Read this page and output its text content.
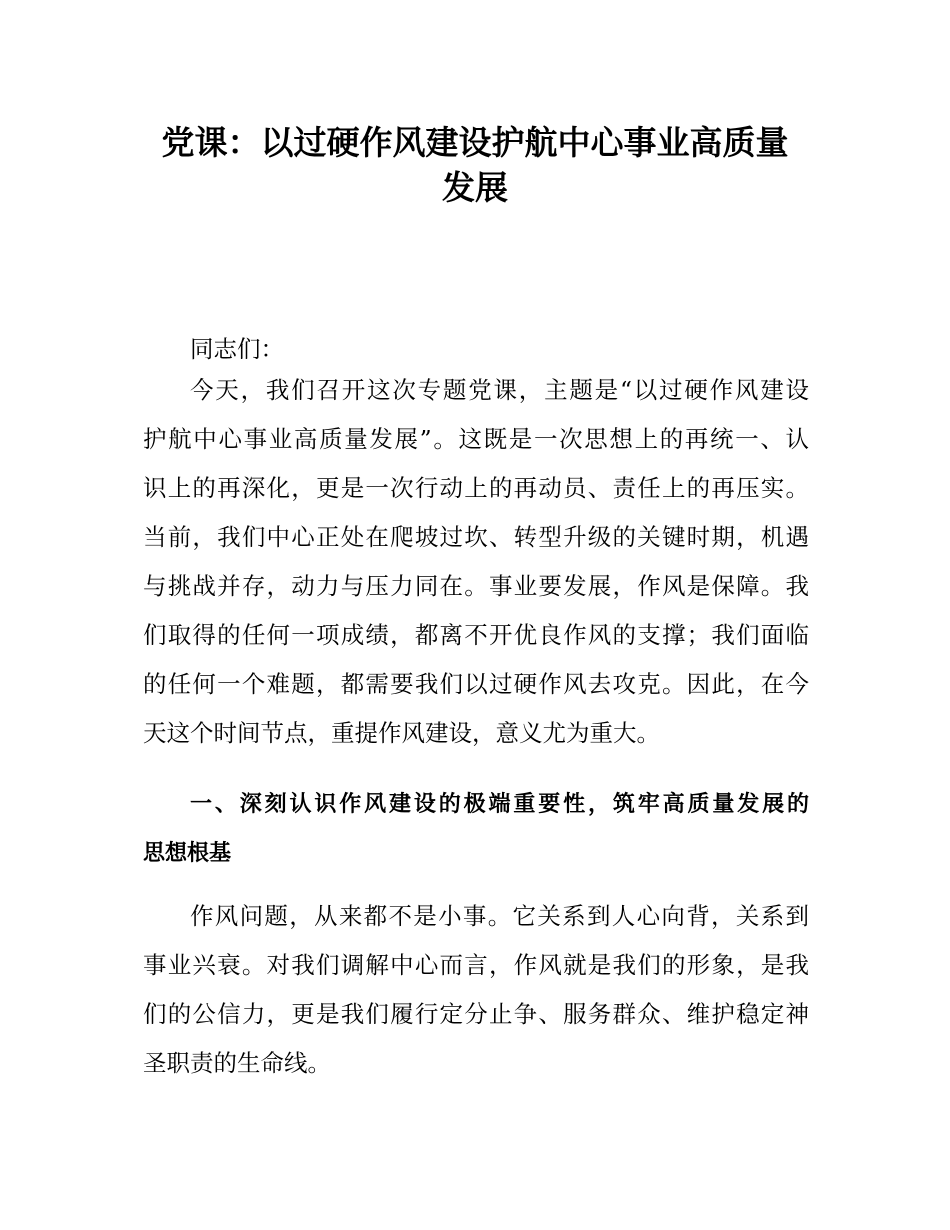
党课：以过硬作风建设护航中心事业高质量
发展
同志们：
今天，我们召开这次专题党课，主题是“以过硬作风建设
护航中心事业高质量发展”。这既是一次思想上的再统一、认
识上的再深化，更是一次行动上的再动员、责任上的再压实。
当前，我们中心正处在爬坡过坎、转型升级的关键时期，机遇
与挑战并存，动力与压力同在。事业要发展，作风是保障。我
们取得的任何一项成绩，都离不开优良作风的支撑；我们面临
的任何一个难题，都需要我们以过硬作风去攻克。因此，在今
天这个时间节点，重提作风建设，意义尤为重大。
一、深刻认识作风建设的极端重要性，筑牢高质量发展的
思想根基
作风问题，从来都不是小事。它关系到人心向背，关系到
事业兴衰。对我们调解中心而言，作风就是我们的形象，是我
们的公信力，更是我们履行定分止争、服务群众、维护稳定神
圣职责的生命线。
